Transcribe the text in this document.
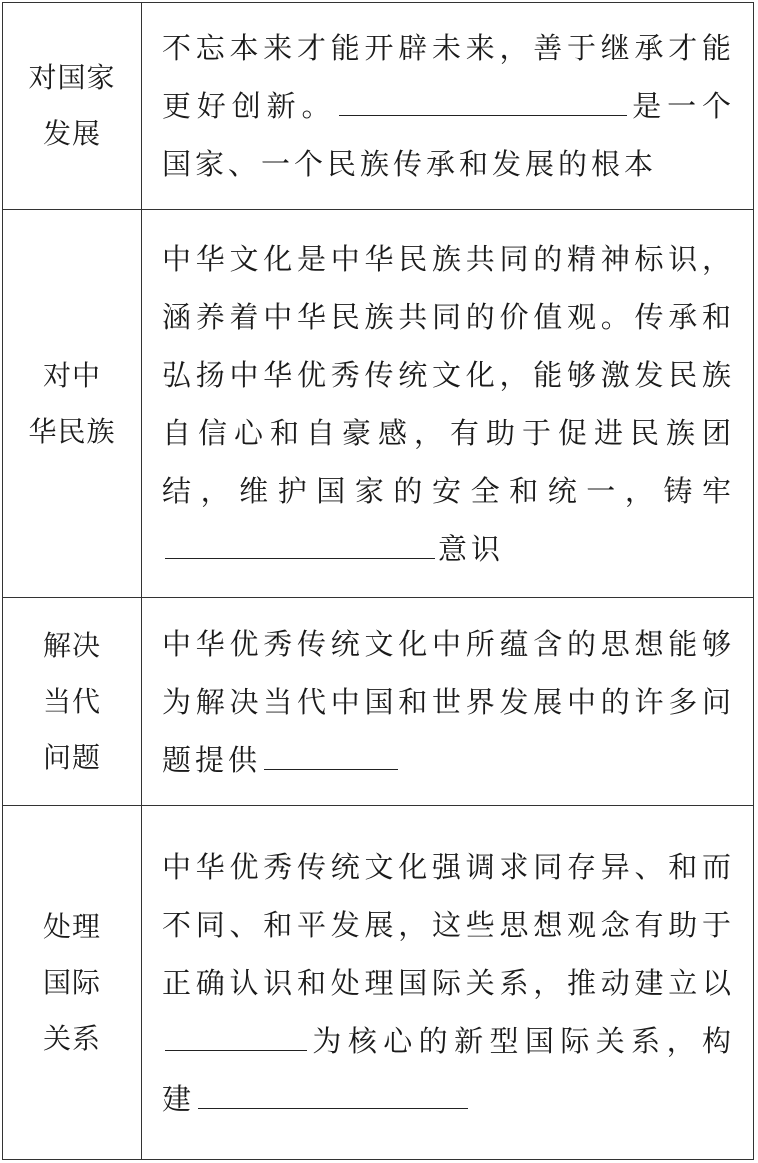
对国家
发展	不忘本来才能开辟未来，善于继承才能更好创新。 是一个国家、一个民族传承和发展的根本

对中
华民族	中华文化是中华民族共同的精神标识，涵养着中华民族共同的价值观。传承和弘扬中华优秀传统文化，能够激发民族自信心和自豪感，有助于促进民族团结，维护国家的安全和统一，铸牢意识

解决
当代
问题	中华优秀传统文化中所蕴含的思想能够为解决当代中国和世界发展中的许多问题提供

处理
国际
关系	中华优秀传统文化强调求同存异、和而不同、和平发展，这些思想观念有助于正确认识和处理国际关系，推动建立以为核心的新型国际关系，构建
